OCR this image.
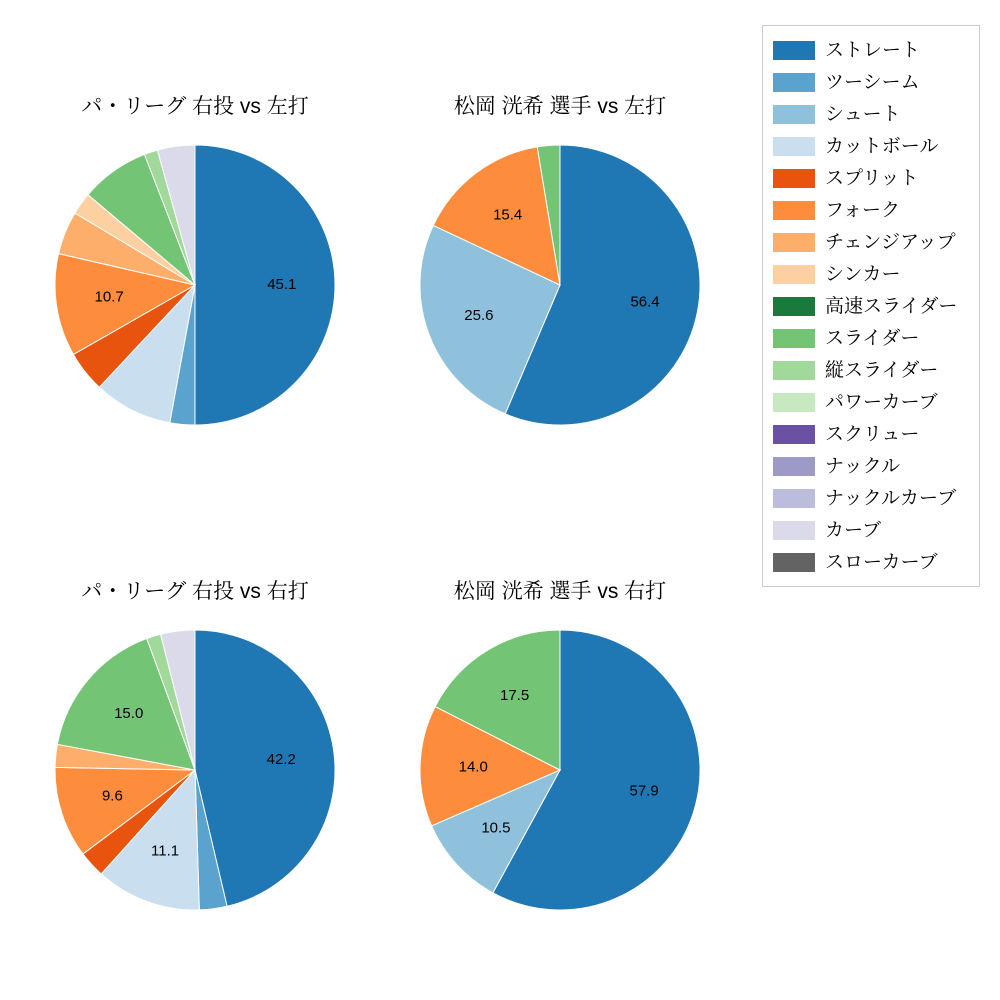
パ・リーグ 右投 vs 左打
45.1
10.7
松岡 洸希 選手 vs 左打
56.4
25.6
15.4
パ・リーグ 右投 vs 右打
42.2
11.1
9.6
15.0
松岡 洸希 選手 vs 右打
57.9
10.5
14.0
17.5
ストレート
ツーシーム
シュート
カットボール
スプリット
フォーク
チェンジアップ
シンカー
高速スライダー
スライダー
縦スライダー
パワーカーブ
スクリュー
ナックル
ナックルカーブ
カーブ
スローカーブ
